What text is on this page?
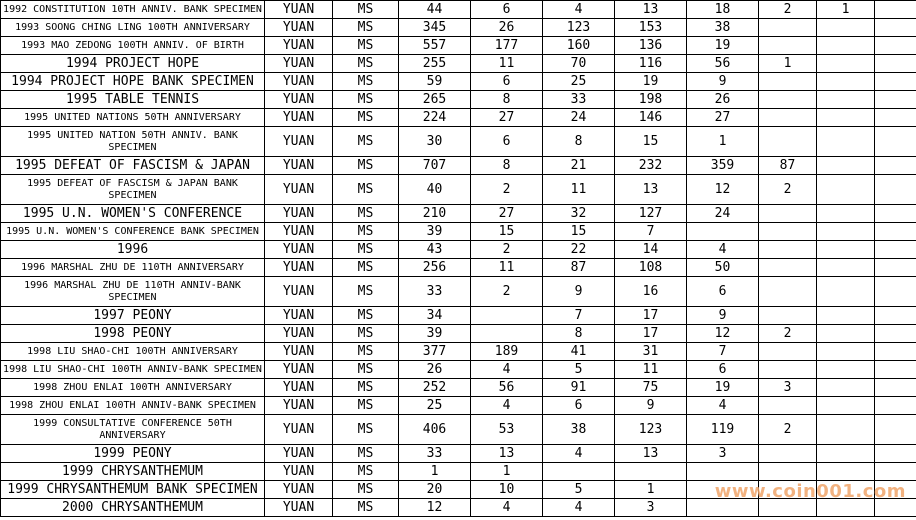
1992 CONSTITUTION 10TH ANNIV. BANK SPECIMEN	YUAN	MS	44	6	4	13	18	2	1	
1993 SOONG CHING LING 100TH ANNIVERSARY	YUAN	MS	345	26	123	153	38			
1993 MAO ZEDONG 100TH ANNIV. OF BIRTH	YUAN	MS	557	177	160	136	19			
1994 PROJECT HOPE	YUAN	MS	255	11	70	116	56	1		
1994 PROJECT HOPE BANK SPECIMEN	YUAN	MS	59	6	25	19	9			
1995 TABLE TENNIS	YUAN	MS	265	8	33	198	26			
1995 UNITED NATIONS 50TH ANNIVERSARY	YUAN	MS	224	27	24	146	27			
1995 UNITED NATION 50TH ANNIV. BANK SPECIMEN	YUAN	MS	30	6	8	15	1			
1995 DEFEAT OF FASCISM & JAPAN	YUAN	MS	707	8	21	232	359	87		
1995 DEFEAT OF FASCISM & JAPAN BANK SPECIMEN	YUAN	MS	40	2	11	13	12	2		
1995 U.N. WOMEN'S CONFERENCE	YUAN	MS	210	27	32	127	24			
1995 U.N. WOMEN'S CONFERENCE BANK SPECIMEN	YUAN	MS	39	15	15	7				
1996	YUAN	MS	43	2	22	14	4			
1996 MARSHAL ZHU DE 110TH ANNIVERSARY	YUAN	MS	256	11	87	108	50			
1996 MARSHAL ZHU DE 110TH ANNIV-BANK SPECIMEN	YUAN	MS	33	2	9	16	6			
1997 PEONY	YUAN	MS	34		7	17	9			
1998 PEONY	YUAN	MS	39		8	17	12	2		
1998 LIU SHAO-CHI 100TH ANNIVERSARY	YUAN	MS	377	189	41	31	7			
1998 LIU SHAO-CHI 100TH ANNIV-BANK SPECIMEN	YUAN	MS	26	4	5	11	6			
1998 ZHOU ENLAI 100TH ANNIVERSARY	YUAN	MS	252	56	91	75	19	3		
1998 ZHOU ENLAI 100TH ANNIV-BANK SPECIMEN	YUAN	MS	25	4	6	9	4			
1999 CONSULTATIVE CONFERENCE 50TH ANNIVERSARY	YUAN	MS	406	53	38	123	119	2		
1999 PEONY	YUAN	MS	33	13	4	13	3			
1999 CHRYSANTHEMUM	YUAN	MS	1	1						
1999 CHRYSANTHEMUM BANK SPECIMEN	YUAN	MS	20	10	5	1				
2000 CHRYSANTHEMUM	YUAN	MS	12	4	4	3				
www.coin001.com
